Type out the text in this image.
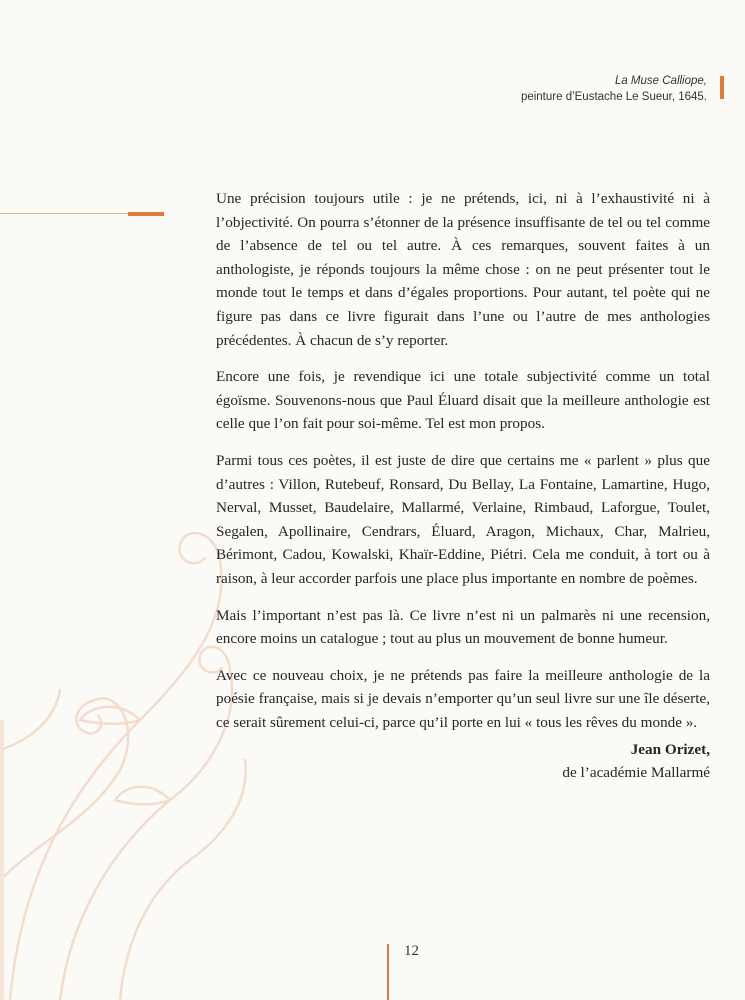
La Muse Calliope,
peinture d’Eustache Le Sueur, 1645.

Une précision toujours utile : je ne prétends, ici, ni à l’exhaustivité ni à l’objectivité. On pourra s’étonner de la présence insuffisante de tel ou tel comme de l’absence de tel ou tel autre. À ces remarques, souvent faites à un anthologiste, je réponds toujours la même chose : on ne peut présenter tout le monde tout le temps et dans d’égales proportions. Pour autant, tel poète qui ne figure pas dans ce livre figurait dans l’une ou l’autre de mes anthologies précédentes. À chacun de s’y reporter.

Encore une fois, je revendique ici une totale subjectivité comme un total égoïsme. Souvenons-nous que Paul Éluard disait que la meilleure anthologie est celle que l’on fait pour soi-même. Tel est mon propos.

Parmi tous ces poètes, il est juste de dire que certains me « parlent » plus que d’autres : Villon, Rutebeuf, Ronsard, Du Bellay, La Fontaine, Lamartine, Hugo, Nerval, Musset, Baudelaire, Mallarmé, Verlaine, Rimbaud, Laforgue, Toulet, Segalen, Apollinaire, Cendrars, Éluard, Aragon, Michaux, Char, Malrieu, Bérimont, Cadou, Kowalski, Khaïr-Eddine, Piétri. Cela me conduit, à tort ou à raison, à leur accorder parfois une place plus importante en nombre de poèmes.

Mais l’important n’est pas là. Ce livre n’est ni un palmarès ni une recension, encore moins un catalogue ; tout au plus un mouvement de bonne humeur.

Avec ce nouveau choix, je ne prétends pas faire la meilleure anthologie de la poésie française, mais si je devais n’emporter qu’un seul livre sur une île déserte, ce serait sûrement celui-ci, parce qu’il porte en lui « tous les rêves du monde ».

Jean Orizet,
de l’académie Mallarmé
12
